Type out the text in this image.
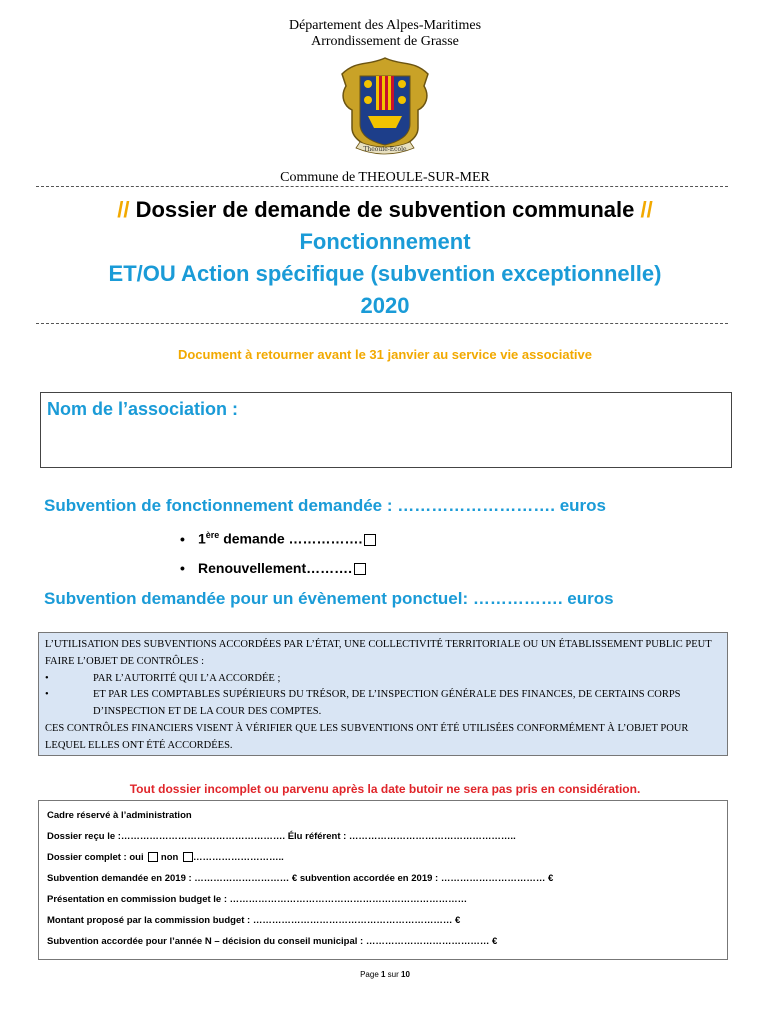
Département des Alpes-Maritimes
Arrondissement de Grasse
Theoule-Ecole
Commune de THEOULE-SUR-MER
// Dossier de demande de subvention communale //
Fonctionnement
ET/OU Action spécifique (subvention exceptionnelle)
2020
Document à retourner avant le 31 janvier au service vie associative
Nom de l’association :
Subvention de fonctionnement demandée : ………………………. euros
• 1ère demande …………….
• Renouvellement……….
Subvention demandée pour un évènement ponctuel: ……………. euros
L’UTILISATION DES SUBVENTIONS ACCORDÉES PAR L’ÉTAT, UNE COLLECTIVITÉ TERRITORIALE OU UN ÉTABLISSEMENT PUBLIC PEUT FAIRE L’OBJET DE CONTRÔLES :
•	PAR L’AUTORITÉ QUI L’A ACCORDÉE ;
•	ET PAR LES COMPTABLES SUPÉRIEURS DU TRÉSOR, DE L’INSPECTION GÉNÉRALE DES FINANCES, DE CERTAINS CORPS D’INSPECTION ET DE LA COUR DES COMPTES.
CES CONTRÔLES FINANCIERS VISENT À VÉRIFIER QUE LES SUBVENTIONS ONT ÉTÉ UTILISÉES CONFORMÉMENT À L’OBJET POUR LEQUEL ELLES ONT ÉTÉ ACCORDÉES.
Tout dossier incomplet ou parvenu après la date butoir ne sera pas pris en considération.
Cadre réservé à l’administration
Dossier reçu le :……………………………………………. Élu référent : ……………………………………………..
Dossier complet : oui  non ………………………..
Subvention demandée en 2019 : ………………………… € subvention accordée en 2019 : …………………………… €
Présentation en commission budget le : …………………………………………………………………
Montant proposé par la commission budget : ……………………………………………………… €
Subvention accordée pour l’année N – décision du conseil municipal : ………………………………… €
Page 1 sur 10
